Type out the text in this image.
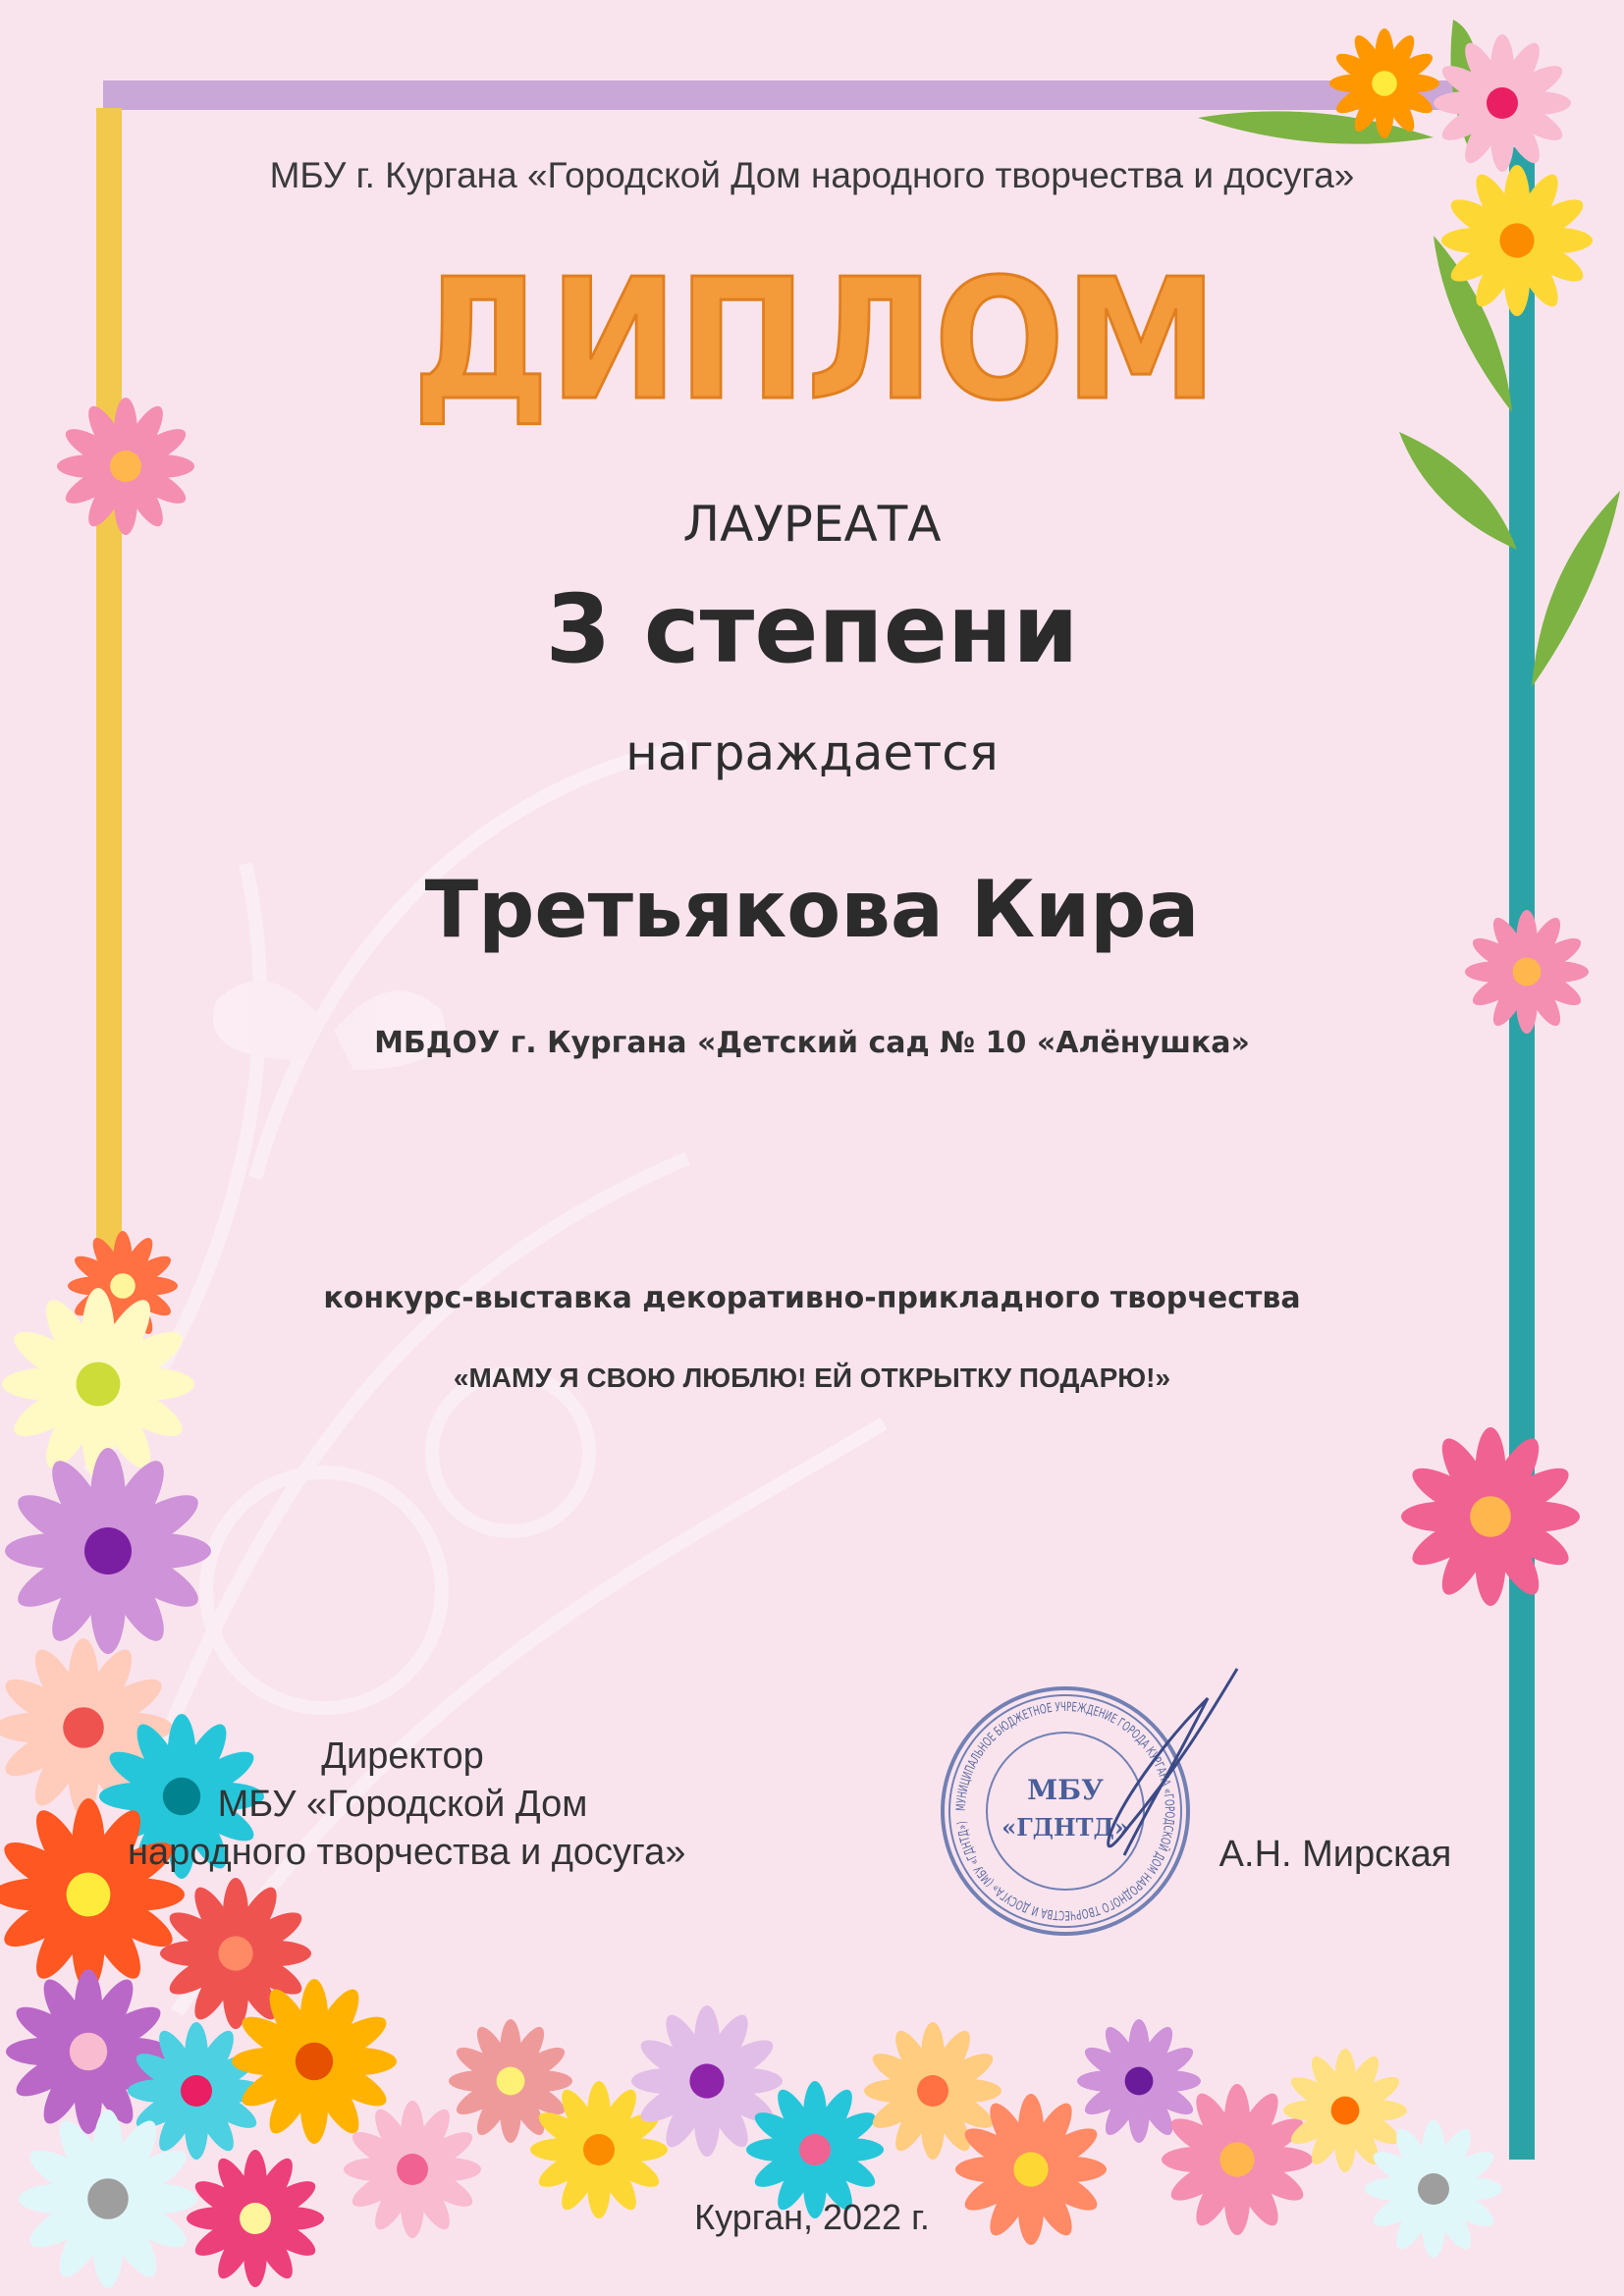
МБУ г. Кургана «Городской Дом народного творчества и досуга»
ДИПЛОМ
ЛАУРЕАТА
3 степени
награждается
Третьякова Кира
МБДОУ г. Кургана «Детский сад № 10 «Алёнушка»
конкурс-выставка декоративно-прикладного творчества
«МАМУ Я СВОЮ ЛЮБЛЮ! ЕЙ ОТКРЫТКУ ПОДАРЮ!»
Директор
МБУ «Городской Дом
народного творчества и досуга»
МУНИЦИПАЛЬНОЕ БЮДЖЕТНОЕ УЧРЕЖДЕНИЕ ГОРОДА КУРГАНА «ГОРОДСКОЙ ДОМ НАРОДНОГО ТВОРЧЕСТВА И ДОСУГА» (МБУ «ГДНТД»)
МБУ
«ГДНТД»
А.Н. Мирская
Курган, 2022 г.
